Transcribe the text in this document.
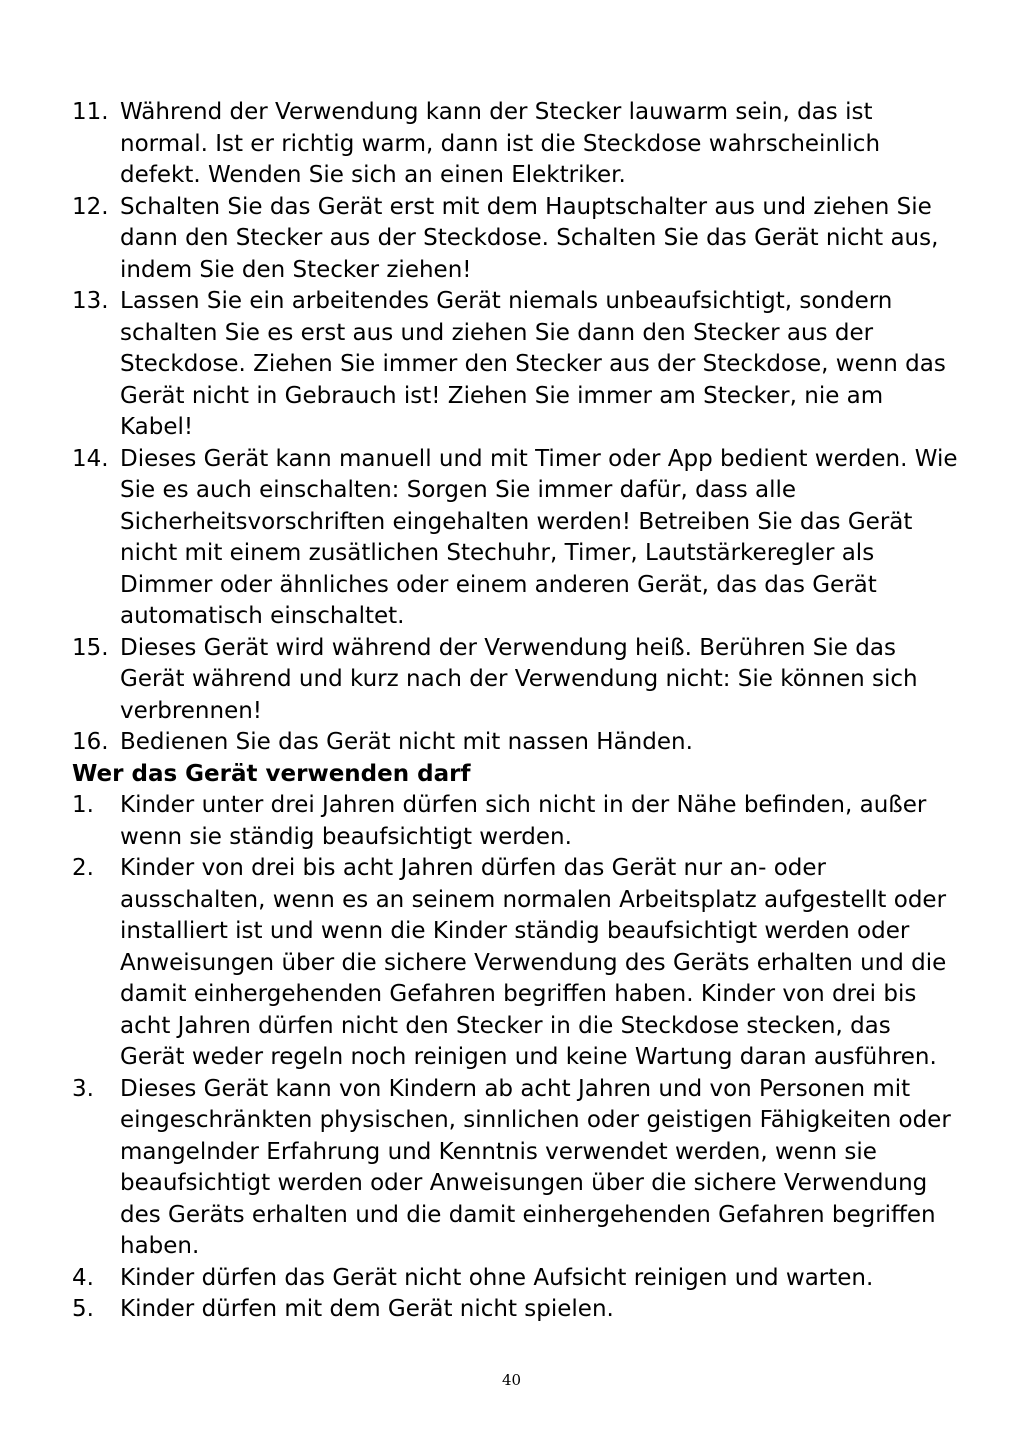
11. Während der Verwendung kann der Stecker lauwarm sein, das ist normal. Ist er richtig warm, dann ist die Steckdose wahrscheinlich defekt. Wenden Sie sich an einen Elektriker.
12. Schalten Sie das Gerät erst mit dem Hauptschalter aus und ziehen Sie dann den Stecker aus der Steckdose. Schalten Sie das Gerät nicht aus, indem Sie den Stecker ziehen!
13. Lassen Sie ein arbeitendes Gerät niemals unbeaufsichtigt, sondern schalten Sie es erst aus und ziehen Sie dann den Stecker aus der Steckdose. Ziehen Sie immer den Stecker aus der Steckdose, wenn das Gerät nicht in Gebrauch ist! Ziehen Sie immer am Stecker, nie am Kabel!
14. Dieses Gerät kann manuell und mit Timer oder App bedient werden. Wie Sie es auch einschalten: Sorgen Sie immer dafür, dass alle Sicherheitsvorschriften eingehalten werden! Betreiben Sie das Gerät nicht mit einem zusätlichen Stechuhr, Timer, Lautstärkeregler als Dimmer oder ähnliches oder einem anderen Gerät, das das Gerät automatisch einschaltet.
15. Dieses Gerät wird während der Verwendung heiß. Berühren Sie das Gerät während und kurz nach der Verwendung nicht: Sie können sich verbrennen!
16. Bedienen Sie das Gerät nicht mit nassen Händen.

Wer das Gerät verwenden darf

1. Kinder unter drei Jahren dürfen sich nicht in der Nähe befinden, außer wenn sie ständig beaufsichtigt werden.
2. Kinder von drei bis acht Jahren dürfen das Gerät nur an- oder ausschalten, wenn es an seinem normalen Arbeitsplatz aufgestellt oder installiert ist und wenn die Kinder ständig beaufsichtigt werden oder Anweisungen über die sichere Verwendung des Geräts erhalten und die damit einhergehenden Gefahren begriffen haben. Kinder von drei bis acht Jahren dürfen nicht den Stecker in die Steckdose stecken, das Gerät weder regeln noch reinigen und keine Wartung daran ausführen.
3. Dieses Gerät kann von Kindern ab acht Jahren und von Personen mit eingeschränkten physischen, sinnlichen oder geistigen Fähigkeiten oder mangelnder Erfahrung und Kenntnis verwendet werden, wenn sie beaufsichtigt werden oder Anweisungen über die sichere Verwendung des Geräts erhalten und die damit einhergehenden Gefahren begriffen haben.
4. Kinder dürfen das Gerät nicht ohne Aufsicht reinigen und warten.
5. Kinder dürfen mit dem Gerät nicht spielen.
40
